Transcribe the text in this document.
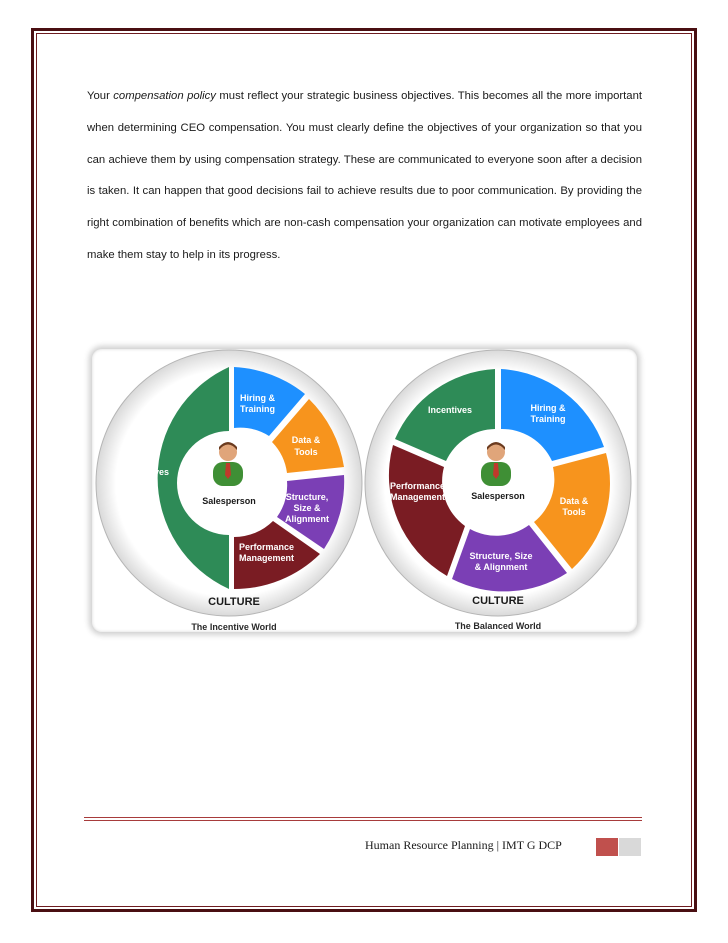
Your compensation policy must reflect your strategic business objectives. This becomes all the more important when determining CEO compensation. You must clearly define the objectives of your organization so that you can achieve them by using compensation strategy. These are communicated to everyone soon after a decision is taken. It can happen that good decisions fail to achieve results due to poor communication. By providing the right combination of benefits which are non-cash compensation your organization can motivate employees and make them stay to help in its progress.

Salesperson
Hiring &
Training
Data &
Tools
Structure,
Size &
Alignment
Performance
Management
Incentives
CULTURE
The Incentive World
Salesperson
Incentives	Hiring &
Training
Data &
Tools
Structure, Size
& Alignment
Performance
Management
CULTURE
The Balanced World
Human Resource Planning | IMT G DCP
